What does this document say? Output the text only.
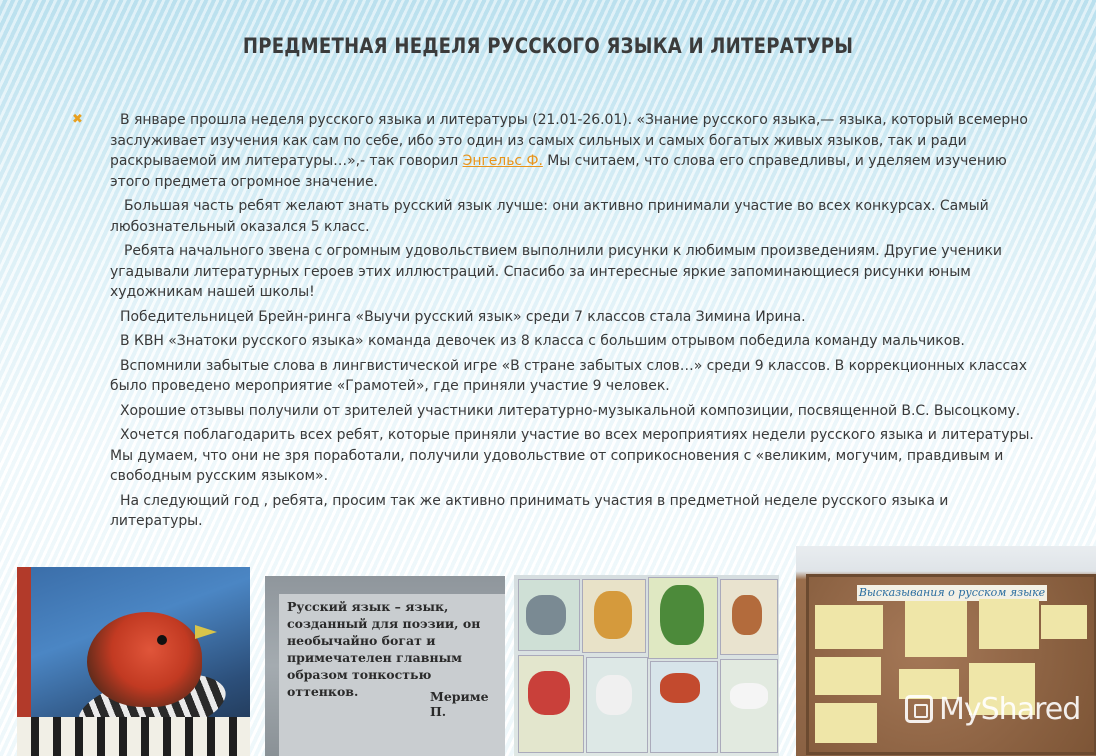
ПРЕДМЕТНАЯ НЕДЕЛЯ РУССКОГО ЯЗЫКА И ЛИТЕРАТУРЫ
✖	В январе прошла неделя русского языка и литературы (21.01-26.01). «Знание русского языка,— языка, который всемерно заслуживает изучения как сам по себе, ибо это один из самых сильных и самых богатых живых языков, так и ради раскрываемой им литературы…»,- так говорил Энгельс Ф. Мы считаем, что слова его справедливы, и уделяем изучению этого предмета огромное значение.

Большая часть ребят желают знать русский язык лучше: они активно принимали участие во всех конкурсах. Самый любознательный оказался 5 класс.

Ребята начального звена с огромным удовольствием выполнили рисунки к любимым произведениям. Другие ученики угадывали литературных героев этих иллюстраций. Спасибо за интересные яркие запоминающиеся рисунки юным художникам нашей школы!

Победительницей Брейн-ринга «Выучи русский язык» среди 7 классов стала Зимина Ирина.

В КВН «Знатоки русского языка» команда девочек из 8 класса с большим отрывом победила команду мальчиков.

Вспомнили забытые слова в лингвистической игре «В стране забытых слов…» среди 9 классов. В коррекционных классах было проведено мероприятие «Грамотей», где приняли участие 9 человек.

Хорошие отзывы получили от зрителей участники литературно-музыкальной композиции, посвященной В.С. Высоцкому.

Хочется поблагодарить всех ребят, которые приняли участие во всех мероприятиях недели русского языка и литературы. Мы думаем, что они не зря поработали, получили удовольствие от соприкосновения с «великим, могучим, правдивым и свободным русским языком».

На следующий год , ребята, просим так же активно принимать участия в предметной неделе русского языка и литературы.

Русский язык – язык, созданный для поэзии, он необычайно богат и примечателен главным образом тонкостью оттенков.	Мериме П.
Высказывания о русском языке
MyShared
